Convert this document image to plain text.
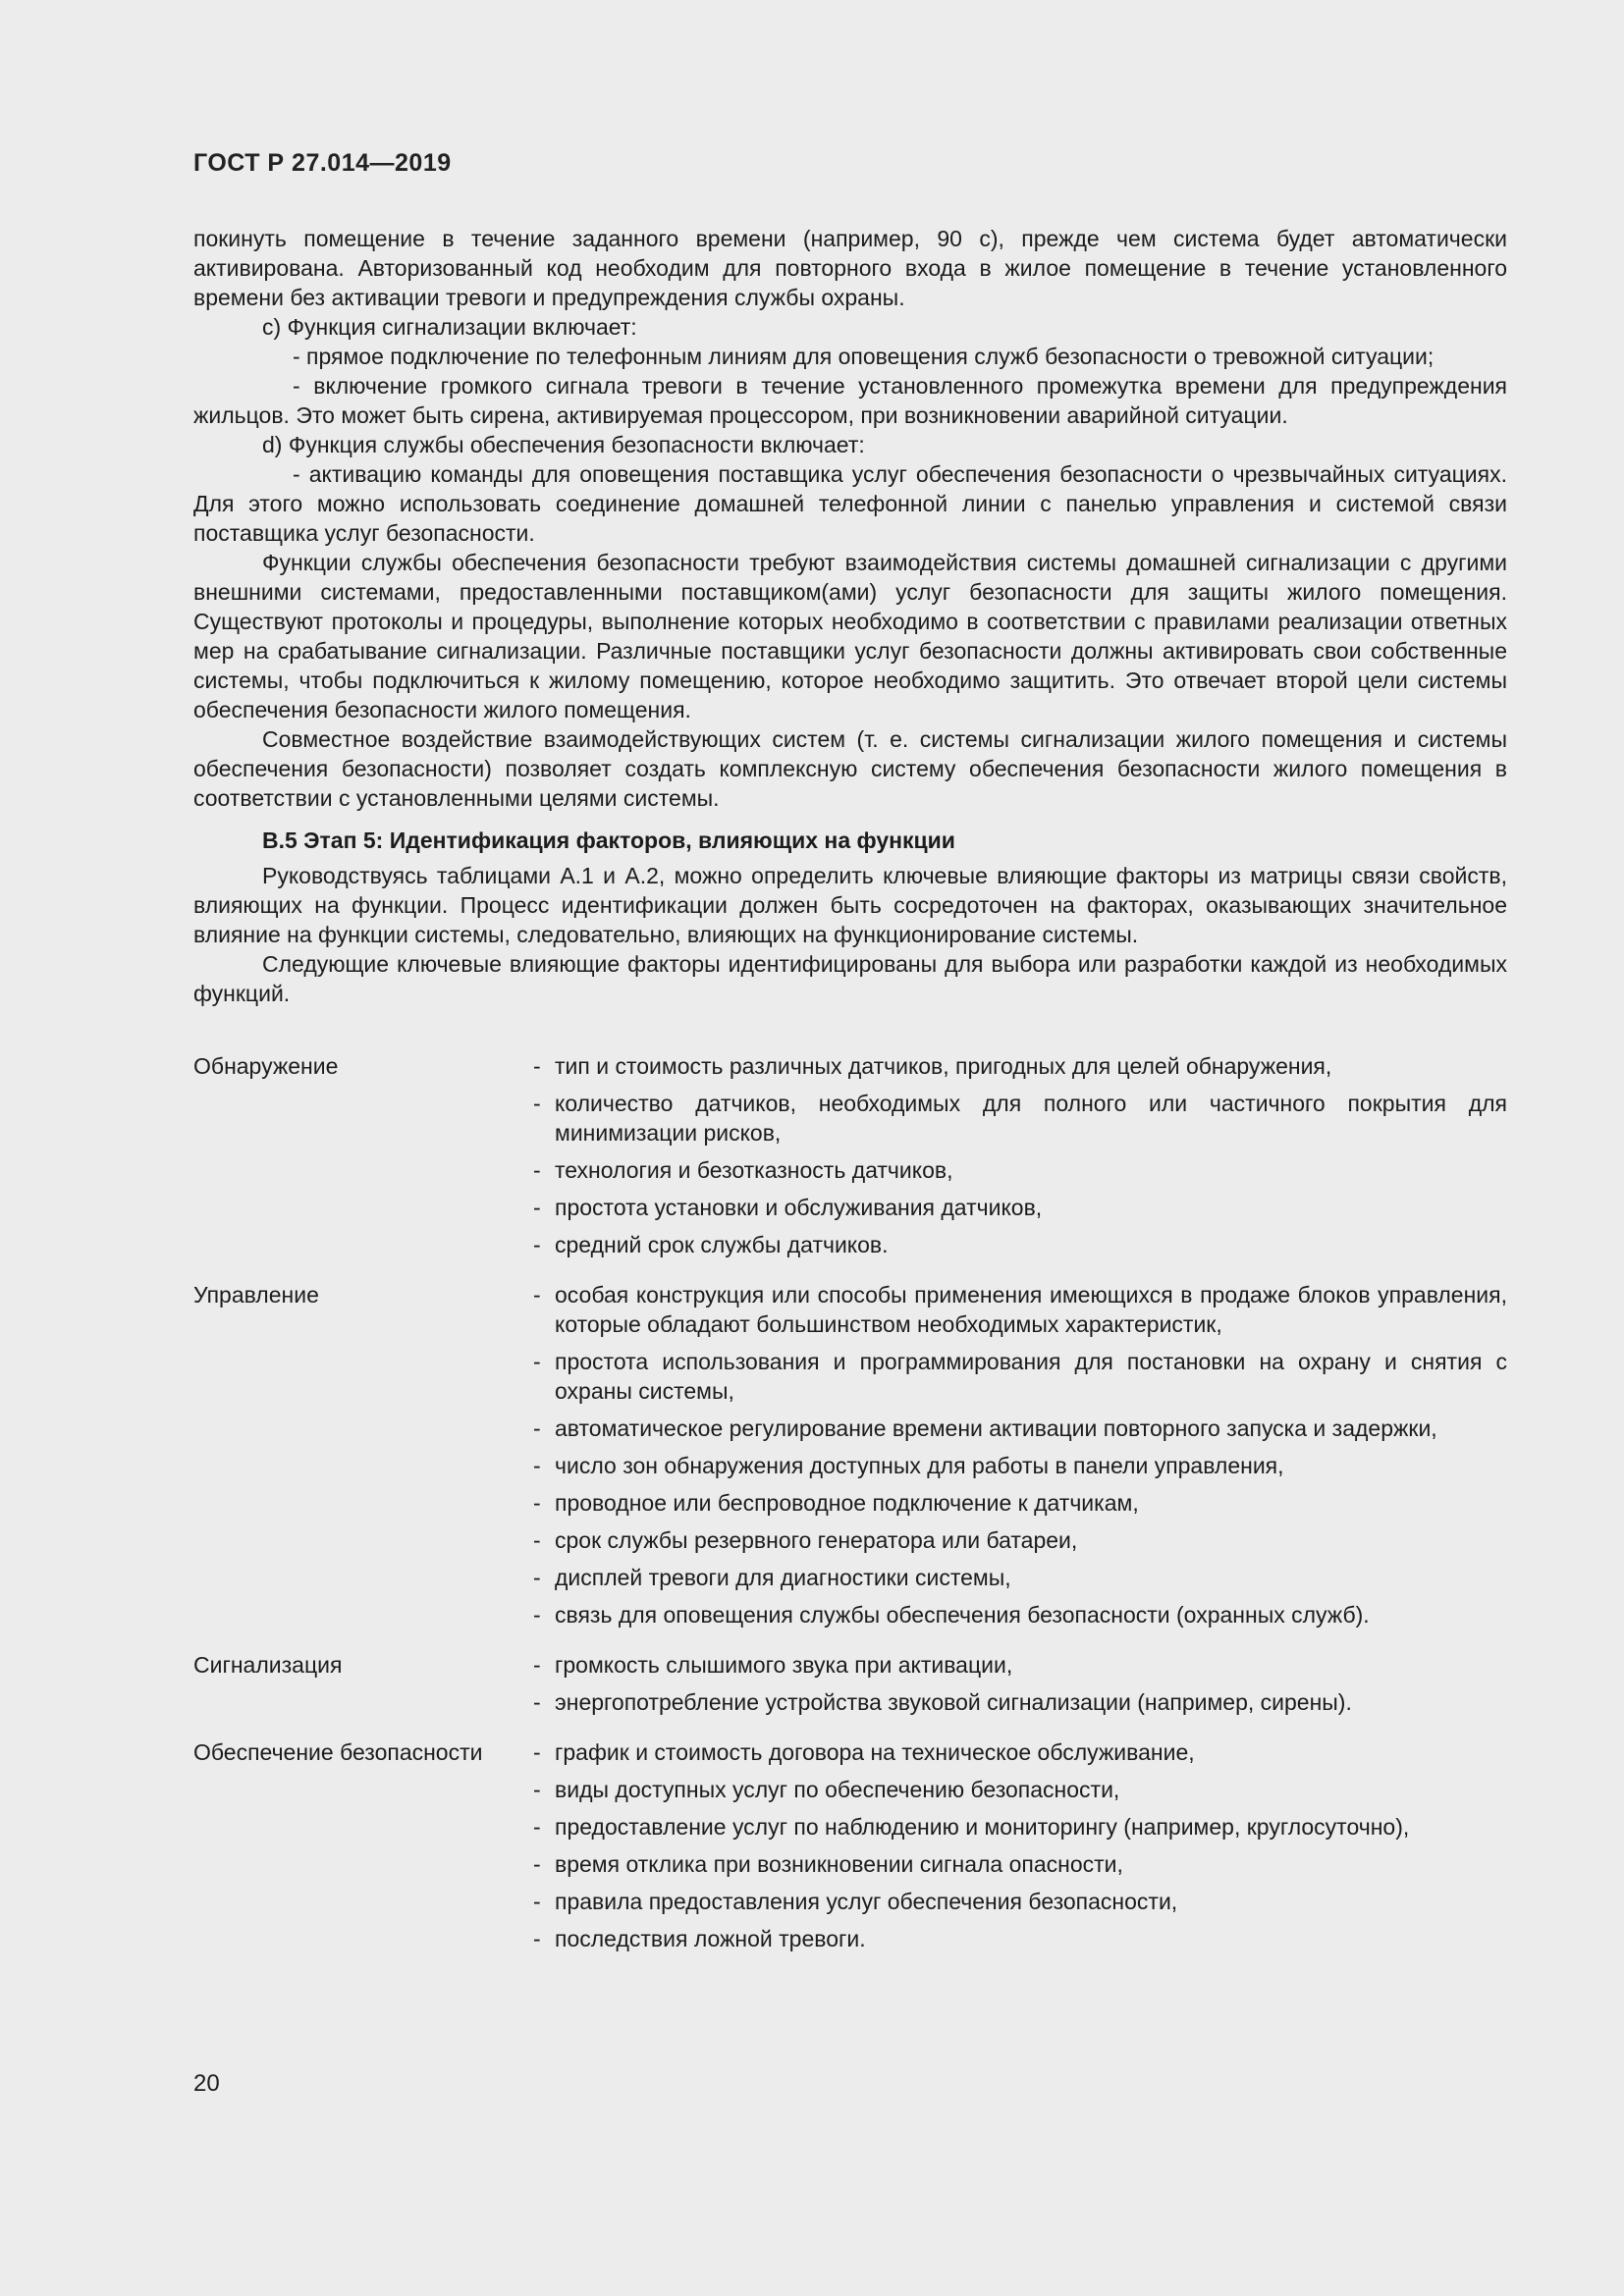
ГОСТ Р 27.014—2019

покинуть помещение в течение заданного времени (например, 90 с), прежде чем система будет автоматически активирована. Авторизованный код необходим для повторного входа в жилое помещение в течение установленного времени без активации тревоги и предупреждения службы охраны.

c) Функция сигнализации включает:

- прямое подключение по телефонным линиям для оповещения служб безопасности о тревожной ситуации;

- включение громкого сигнала тревоги в течение установленного промежутка времени для предупреждения жильцов. Это может быть сирена, активируемая процессором, при возникновении аварийной ситуации.

d) Функция службы обеспечения безопасности включает:

- активацию команды для оповещения поставщика услуг обеспечения безопасности о чрезвычайных ситуациях. Для этого можно использовать соединение домашней телефонной линии с панелью управления и системой связи поставщика услуг безопасности.

Функции службы обеспечения безопасности требуют взаимодействия системы домашней сигнализации с другими внешними системами, предоставленными поставщиком(ами) услуг безопасности для защиты жилого помещения. Существуют протоколы и процедуры, выполнение которых необходимо в соответствии с правилами реализации ответных мер на срабатывание сигнализации. Различные поставщики услуг безопасности должны активировать свои собственные системы, чтобы подключиться к жилому помещению, которое необходимо защитить. Это отвечает второй цели системы обеспечения безопасности жилого помещения.

Совместное воздействие взаимодействующих систем (т. е. системы сигнализации жилого помещения и системы обеспечения безопасности) позволяет создать комплексную систему обеспечения безопасности жилого помещения в соответствии с установленными целями системы.

B.5 Этап 5: Идентификация факторов, влияющих на функции

Руководствуясь таблицами А.1 и А.2, можно определить ключевые влияющие факторы из матрицы связи свойств, влияющих на функции. Процесс идентификации должен быть сосредоточен на факторах, оказывающих значительное влияние на функции системы, следовательно, влияющих на функционирование системы.

Следующие ключевые влияющие факторы идентифицированы для выбора или разработки каждой из необходимых функций.

Обнаружение	- тип и стоимость различных датчиков, пригодных для целей обнаружения,
- количество датчиков, необходимых для полного или частичного покрытия для минимизации рисков,
- технология и безотказность датчиков,
- простота установки и обслуживания датчиков,
- средний срок службы датчиков.
Управление	- особая конструкция или способы применения имеющихся в продаже блоков управления, которые обладают большинством необходимых характеристик,
- простота использования и программирования для постановки на охрану и снятия с охраны системы,
- автоматическое регулирование времени активации повторного запуска и задержки,
- число зон обнаружения доступных для работы в панели управления,
- проводное или беспроводное подключение к датчикам,
- срок службы резервного генератора или батареи,
- дисплей тревоги для диагностики системы,
- связь для оповещения службы обеспечения безопасности (охранных служб).
Сигнализация	- громкость слышимого звука при активации,
- энергопотребление устройства звуковой сигнализации (например, сирены).
Обеспечение безопасности	- график и стоимость договора на техническое обслуживание,
- виды доступных услуг по обеспечению безопасности,
- предоставление услуг по наблюдению и мониторингу (например, круглосуточно),
- время отклика при возникновении сигнала опасности,
- правила предоставления услуг обеспечения безопасности,
- последствия ложной тревоги.
20
